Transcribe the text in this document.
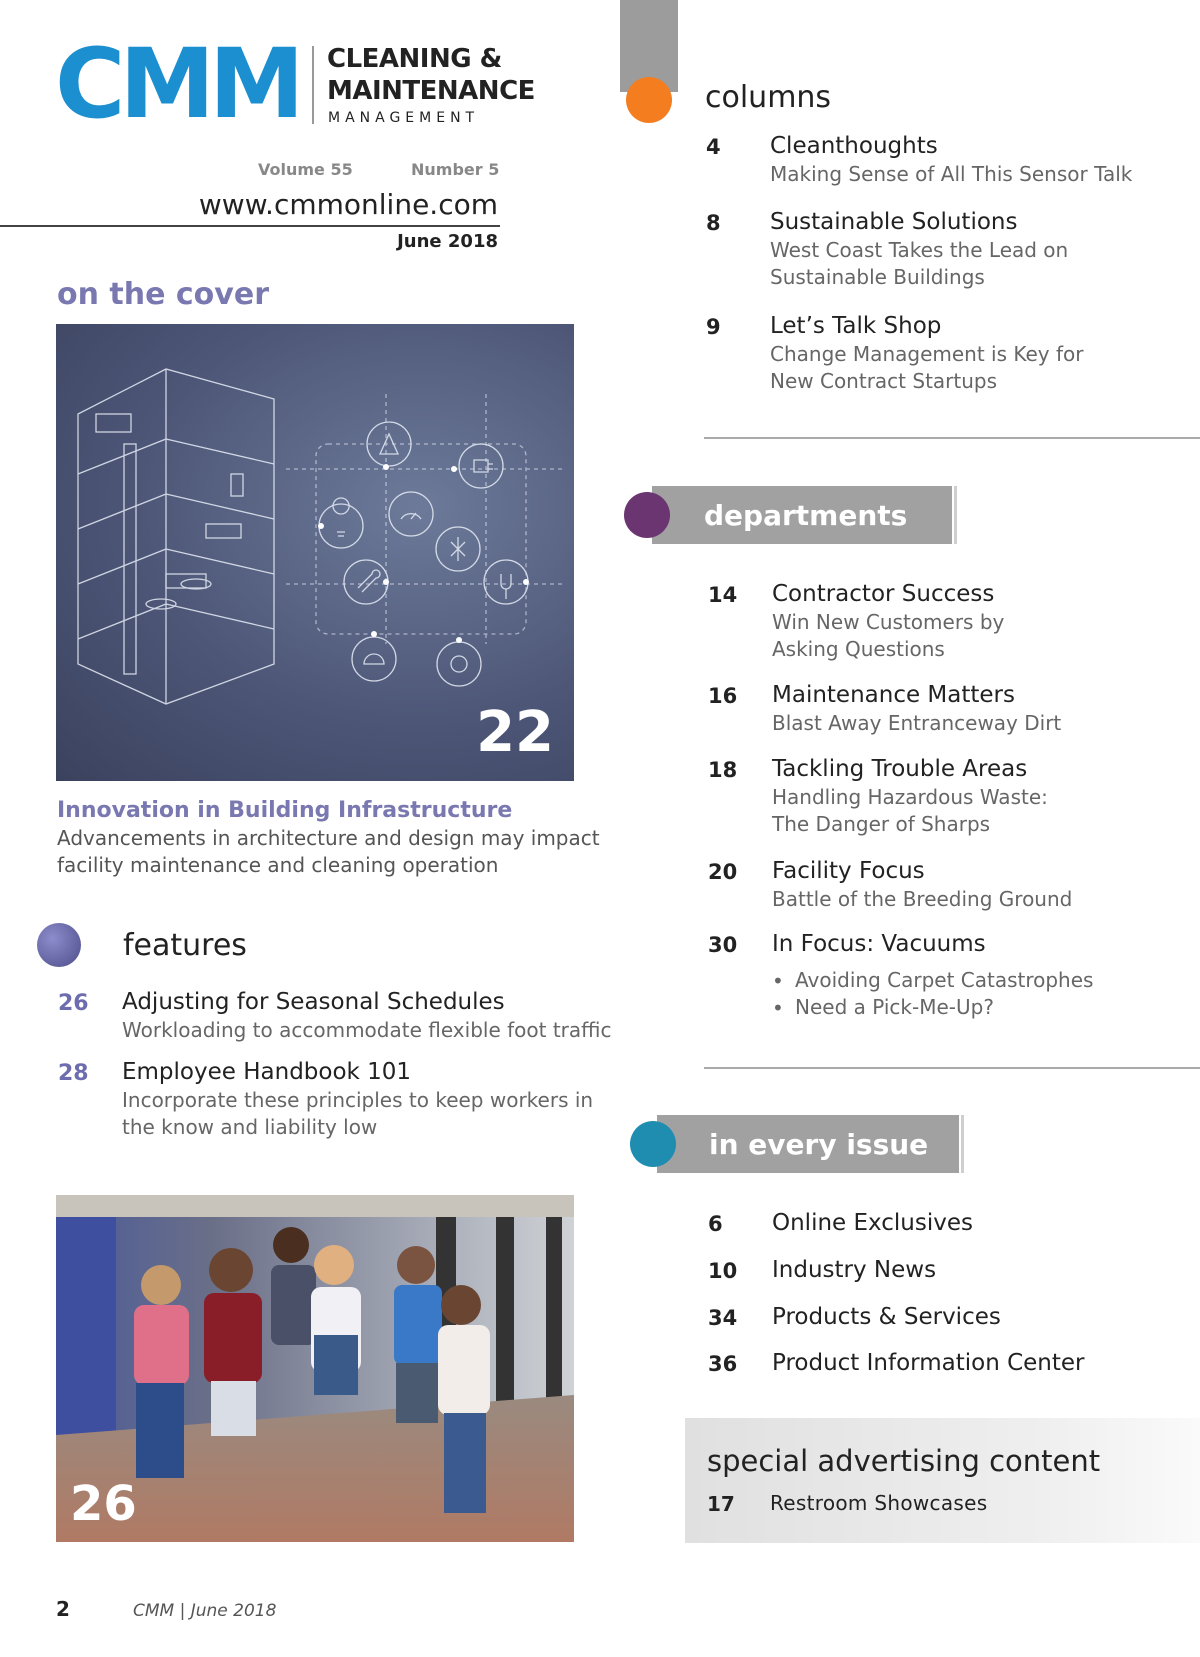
CMM CLEANING &
MAINTENANCE
MANAGEMENT
Volume 55	Number 5
www.cmmonline.com
June 2018
on the cover
22
Innovation in Building Infrastructure
Advancements in architecture and design may impact facility maintenance and cleaning operation
features
26 Adjusting for Seasonal Schedules
Workloading to accommodate flexible foot traffic
28 Employee Handbook 101
Incorporate these principles to keep workers in the know and liability low
26
2	CMM | June 2018
columns
4 Cleanthoughts
Making Sense of All This Sensor Talk
8 Sustainable Solutions
West Coast Takes the Lead on
Sustainable Buildings
9 Let’s Talk Shop
Change Management is Key for
New Contract Startups
departments
14 Contractor Success
Win New Customers by
Asking Questions
16 Maintenance Matters
Blast Away Entranceway Dirt
18 Tackling Trouble Areas
Handling Hazardous Waste:
The Danger of Sharps
20 Facility Focus
Battle of the Breeding Ground
30 In Focus: Vacuums
• Avoiding Carpet Catastrophes
• Need a Pick-Me-Up?
in every issue
6 Online Exclusives
10 Industry News
34 Products & Services
36 Product Information Center
special advertising content
17 Restroom Showcases
